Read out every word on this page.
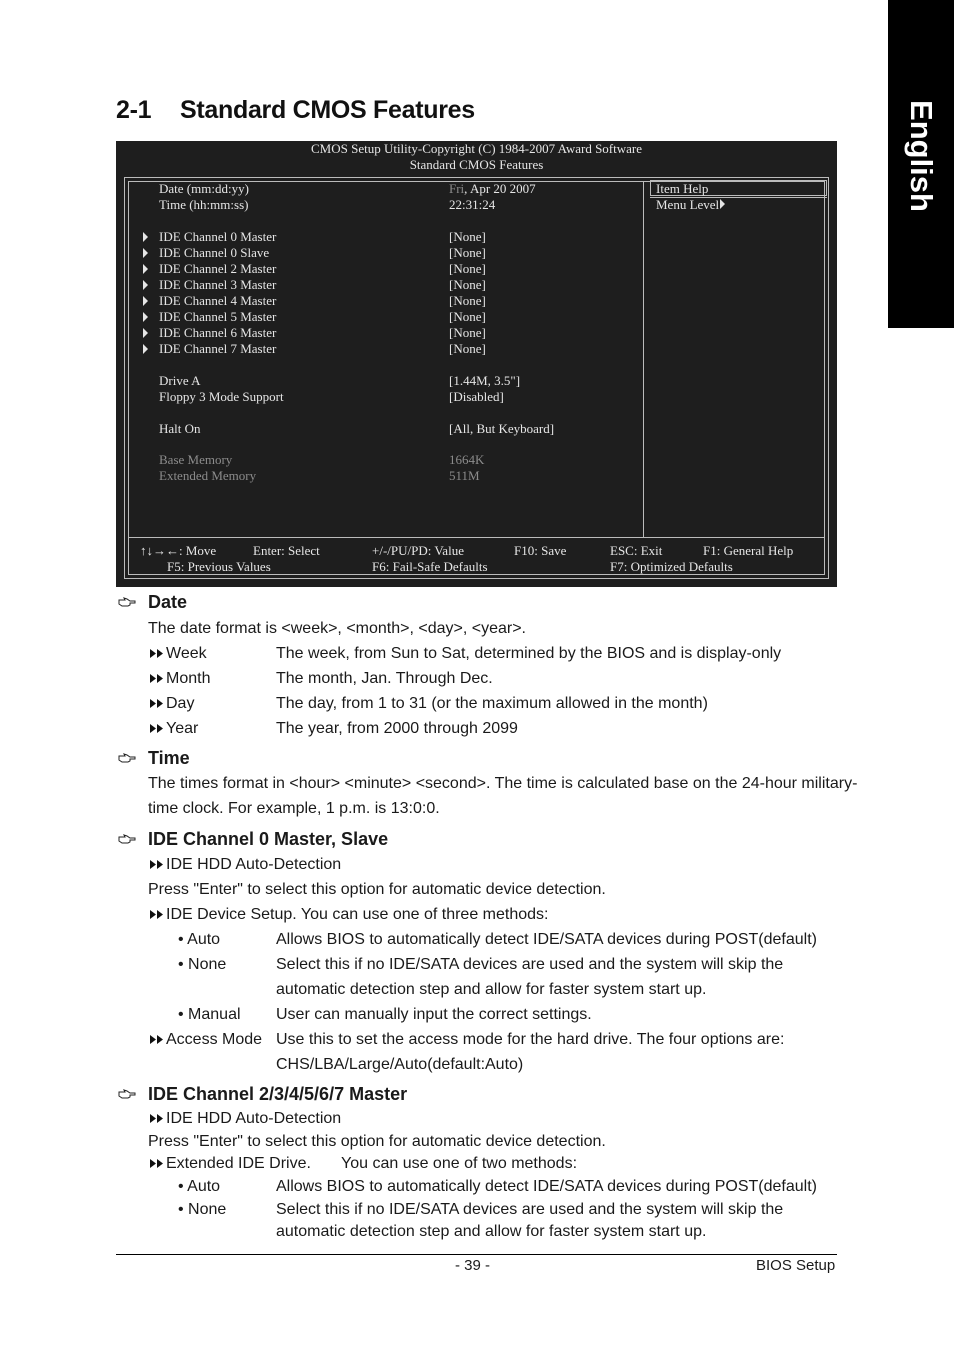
English
2-1 Standard CMOS Features
CMOS Setup Utility-Copyright (C) 1984-2007 Award Software
Standard CMOS Features
Item Help
Menu Level
Date (mm:dd:yy)	Fri, Apr 20 2007
Time (hh:mm:ss)	22:31:24
IDE Channel 0 Master	[None]
IDE Channel 0 Slave	[None]
IDE Channel 2 Master	[None]
IDE Channel 3 Master	[None]
IDE Channel 4 Master	[None]
IDE Channel 5 Master	[None]
IDE Channel 6 Master	[None]
IDE Channel 7 Master	[None]
Drive A	[1.44M, 3.5"]
Floppy 3 Mode Support	[Disabled]
Halt On	[All, But Keyboard]
Base Memory	1664K
Extended Memory	511M
↑↓→←: Move	Enter: Select	+/-/PU/PD: Value	F10: Save	ESC: Exit	F1: General Help
F5: Previous Values	F6: Fail-Safe Defaults	F7: Optimized Defaults
Date
The date format is <week>, <month>, <day>, <year>.
Week	The week, from Sun to Sat, determined by the BIOS and is display-only
Month	The month, Jan. Through Dec.
Day	The day, from 1 to 31 (or the maximum allowed in the month)
Year	The year, from 2000 through 2099
Time
The times format in <hour> <minute> <second>. The time is calculated base on the 24-hour military-
time clock. For example, 1 p.m. is 13:0:0.
IDE Channel 0 Master, Slave
IDE HDD Auto-Detection
Press "Enter" to select this option for automatic device detection.
IDE Device Setup. You can use one of three methods:
• Auto	Allows BIOS to automatically detect IDE/SATA devices during POST(default)
• None	Select this if no IDE/SATA devices are used and the system will skip the
automatic detection step and allow for faster system start up.
• Manual User can manually input the correct settings.
Access Mode Use this to set the access mode for the hard drive. The four options are:
CHS/LBA/Large/Auto(default:Auto)
IDE Channel 2/3/4/5/6/7 Master
IDE HDD Auto-Detection
Press "Enter" to select this option for automatic device detection.
Extended IDE Drive. You can use one of two methods:
• Auto	Allows BIOS to automatically detect IDE/SATA devices during POST(default)
• None	Select this if no IDE/SATA devices are used and the system will skip the
automatic detection step and allow for faster system start up.
- 39 -	BIOS Setup
